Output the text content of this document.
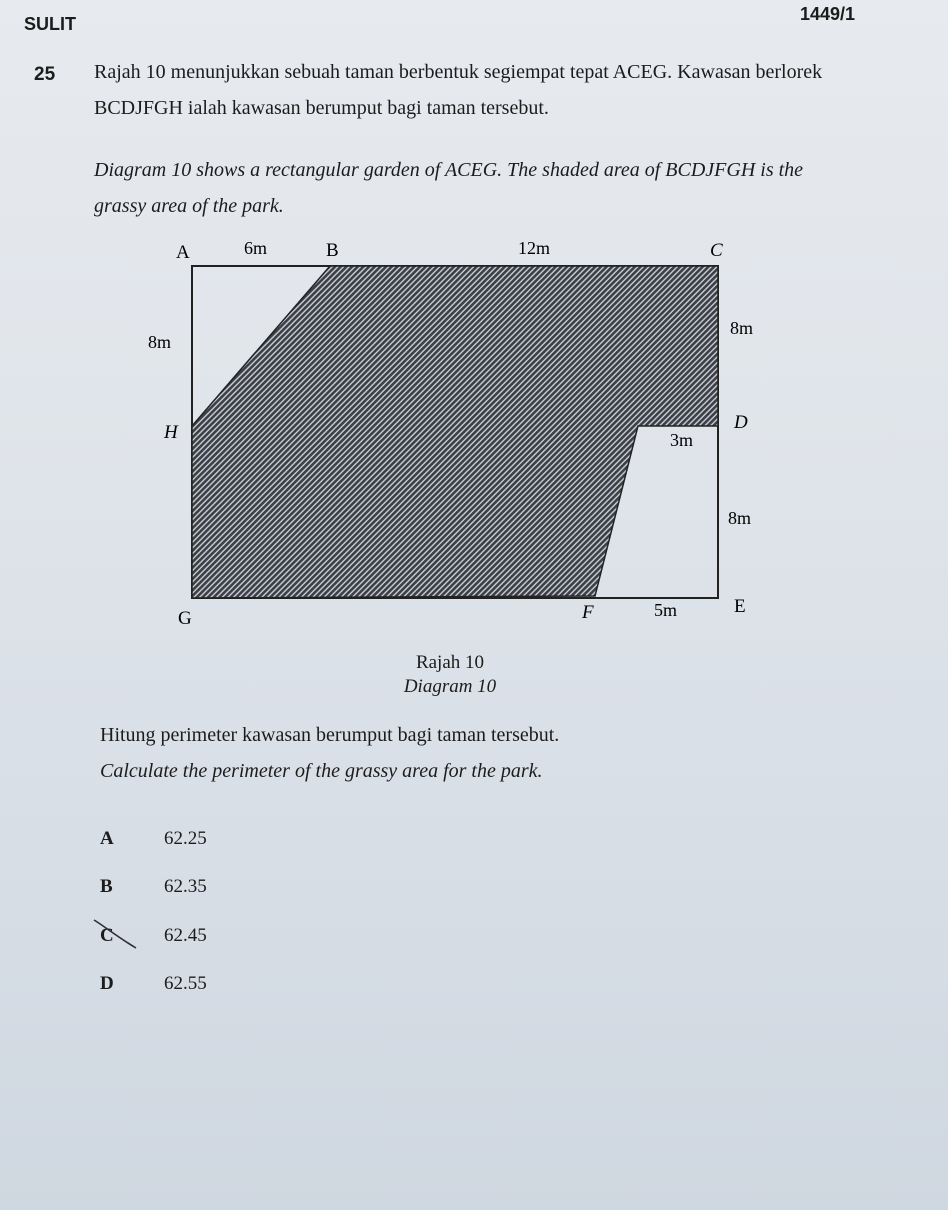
SULIT	1449/1
25 Rajah 10 menunjukkan sebuah taman berbentuk segiempat tepat ACEG. Kawasan berlorek BCDJFGH ialah kawasan berumput bagi taman tersebut.
Diagram 10 shows a rectangular garden of ACEG. The shaded area of BCDJFGH is the grassy area of the park.
A	B	C
H	D
G	F	E
6m	12m
8m
8m
3m
8m
5m
Rajah 10
Diagram 10
Hitung perimeter kawasan berumput bagi taman tersebut.
Calculate the perimeter of the grassy area for the park.
A	62.25
B	62.35
C	62.45
D	62.55
